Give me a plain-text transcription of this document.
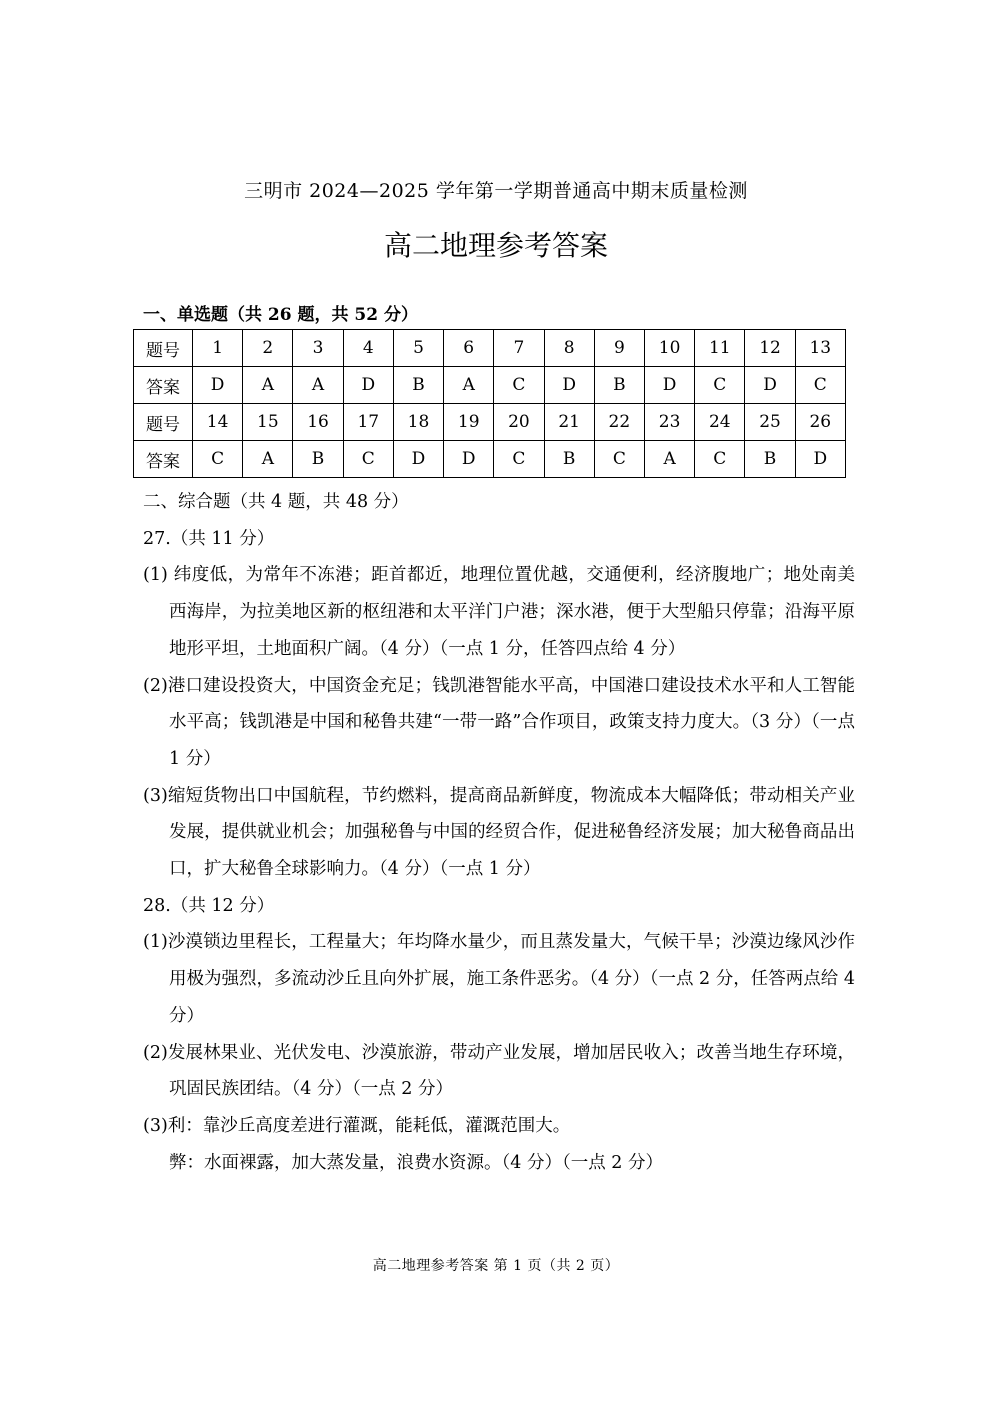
三明市 2024—2025 学年第一学期普通高中期末质量检测
高二地理参考答案
一、单选题（共 26 题，共 52 分）
题号	1	2	3	4	5	6	7	8	9	10	11	12	13
答案	D	A	A	D	B	A	C	D	B	D	C	D	C
题号	14	15	16	17	18	19	20	21	22	23	24	25	26
答案	C	A	B	C	D	D	C	B	C	A	C	B	D

二、综合题（共 4 题，共 48 分）

27.（共 11 分）

(1) 纬度低，为常年不冻港；距首都近，地理位置优越，交通便利，经济腹地广；地处南美西海岸，为拉美地区新的枢纽港和太平洋门户港；深水港，便于大型船只停靠；沿海平原地形平坦，土地面积广阔。（4 分）（一点 1 分，任答四点给 4 分）

(2)港口建设投资大，中国资金充足；钱凯港智能水平高，中国港口建设技术水平和人工智能水平高；钱凯港是中国和秘鲁共建“一带一路”合作项目，政策支持力度大。（3 分）（一点 1 分）

(3)缩短货物出口中国航程，节约燃料，提高商品新鲜度，物流成本大幅降低；带动相关产业发展，提供就业机会；加强秘鲁与中国的经贸合作，促进秘鲁经济发展；加大秘鲁商品出口，扩大秘鲁全球影响力。（4 分）（一点 1 分）

28.（共 12 分）

(1)沙漠锁边里程长，工程量大；年均降水量少，而且蒸发量大，气候干旱；沙漠边缘风沙作用极为强烈，多流动沙丘且向外扩展，施工条件恶劣。（4 分）（一点 2 分，任答两点给 4 分）

(2)发展林果业、光伏发电、沙漠旅游，带动产业发展，增加居民收入；改善当地生存环境，巩固民族团结。（4 分）（一点 2 分）

(3)利：靠沙丘高度差进行灌溉，能耗低，灌溉范围大。

弊：水面裸露，加大蒸发量，浪费水资源。（4 分）（一点 2 分）

高二地理参考答案 第 1 页（共 2 页）
